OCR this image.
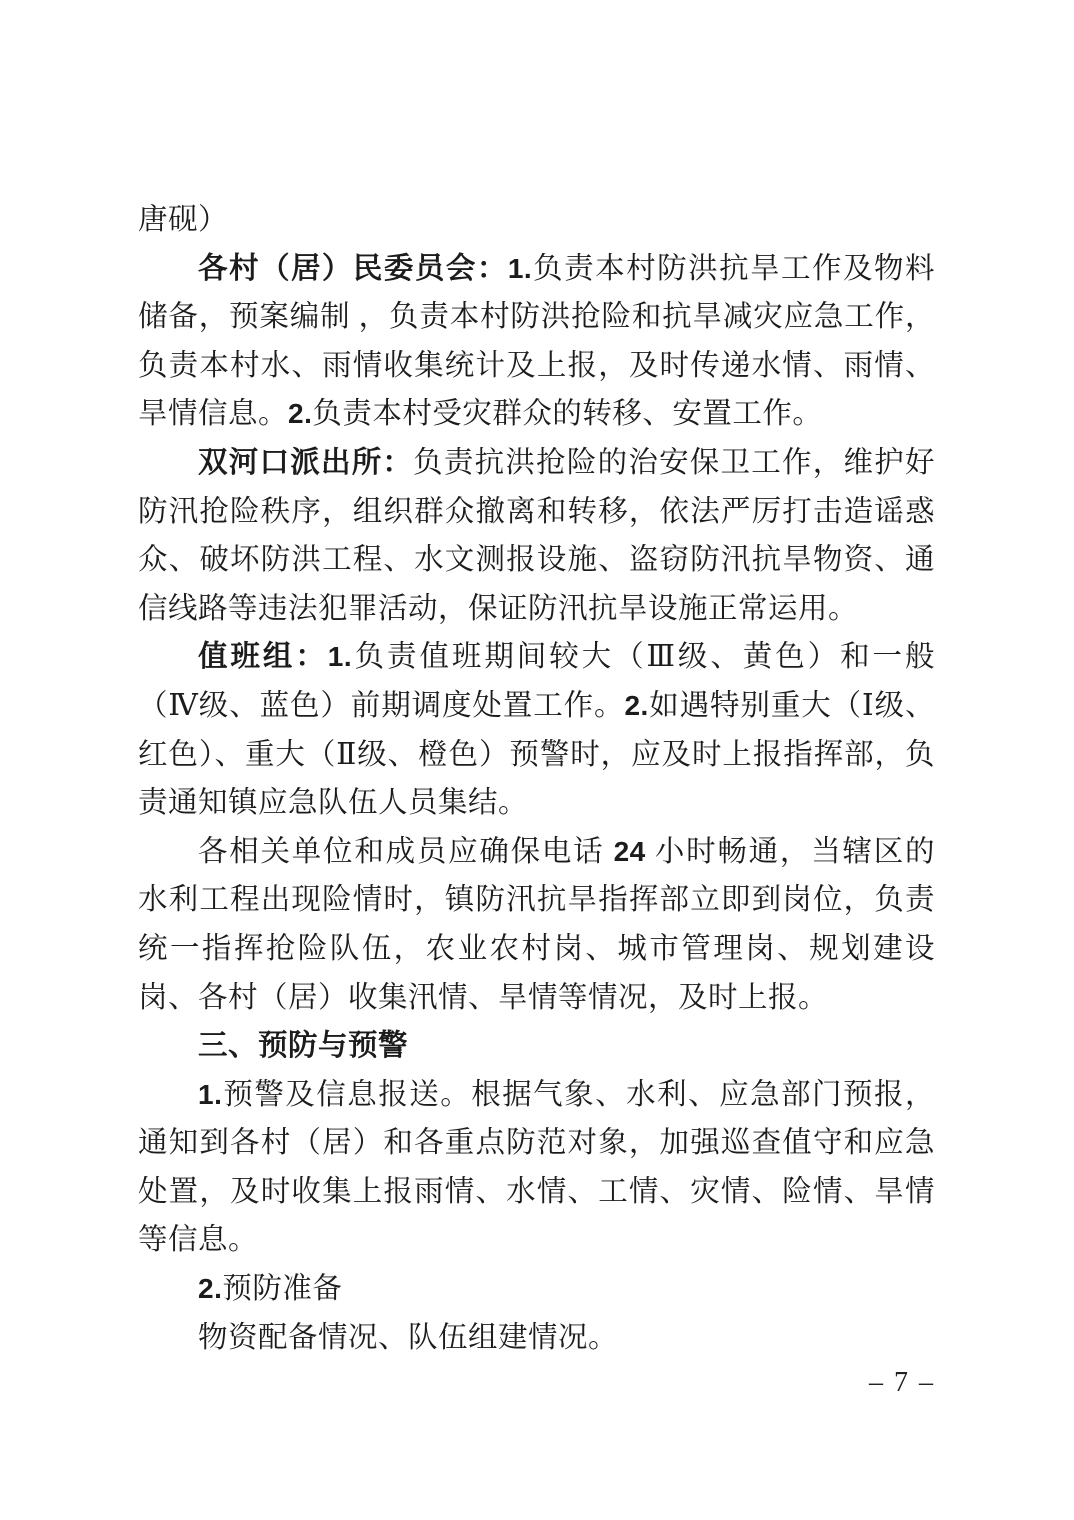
唐砚）

各村（居）民委员会：1.负责本村防洪抗旱工作及物料储备，预案编制 ，负责本村防洪抢险和抗旱减灾应急工作，负责本村水、雨情收集统计及上报，及时传递水情、雨情、旱情信息。2.负责本村受灾群众的转移、安置工作。

双河口派出所：负责抗洪抢险的治安保卫工作，维护好防汛抢险秩序，组织群众撤离和转移，依法严厉打击造谣惑众、破坏防洪工程、水文测报设施、盗窃防汛抗旱物资、通信线路等违法犯罪活动，保证防汛抗旱设施正常运用。

值班组：1.负责值班期间较大（Ⅲ级、黄色）和一般（Ⅳ级、蓝色）前期调度处置工作。2.如遇特别重大（Ⅰ级、红色）、重大（Ⅱ级、橙色）预警时，应及时上报指挥部，负责通知镇应急队伍人员集结。

各相关单位和成员应确保电话 24 小时畅通，当辖区的水利工程出现险情时，镇防汛抗旱指挥部立即到岗位，负责统一指挥抢险队伍，农业农村岗、城市管理岗、规划建设岗、各村（居）收集汛情、旱情等情况，及时上报。

三、预防与预警

1.预警及信息报送。根据气象、水利、应急部门预报，通知到各村（居）和各重点防范对象，加强巡查值守和应急处置，及时收集上报雨情、水情、工情、灾情、险情、旱情等信息。

2.预防准备

物资配备情况、队伍组建情况。

– 7 –
